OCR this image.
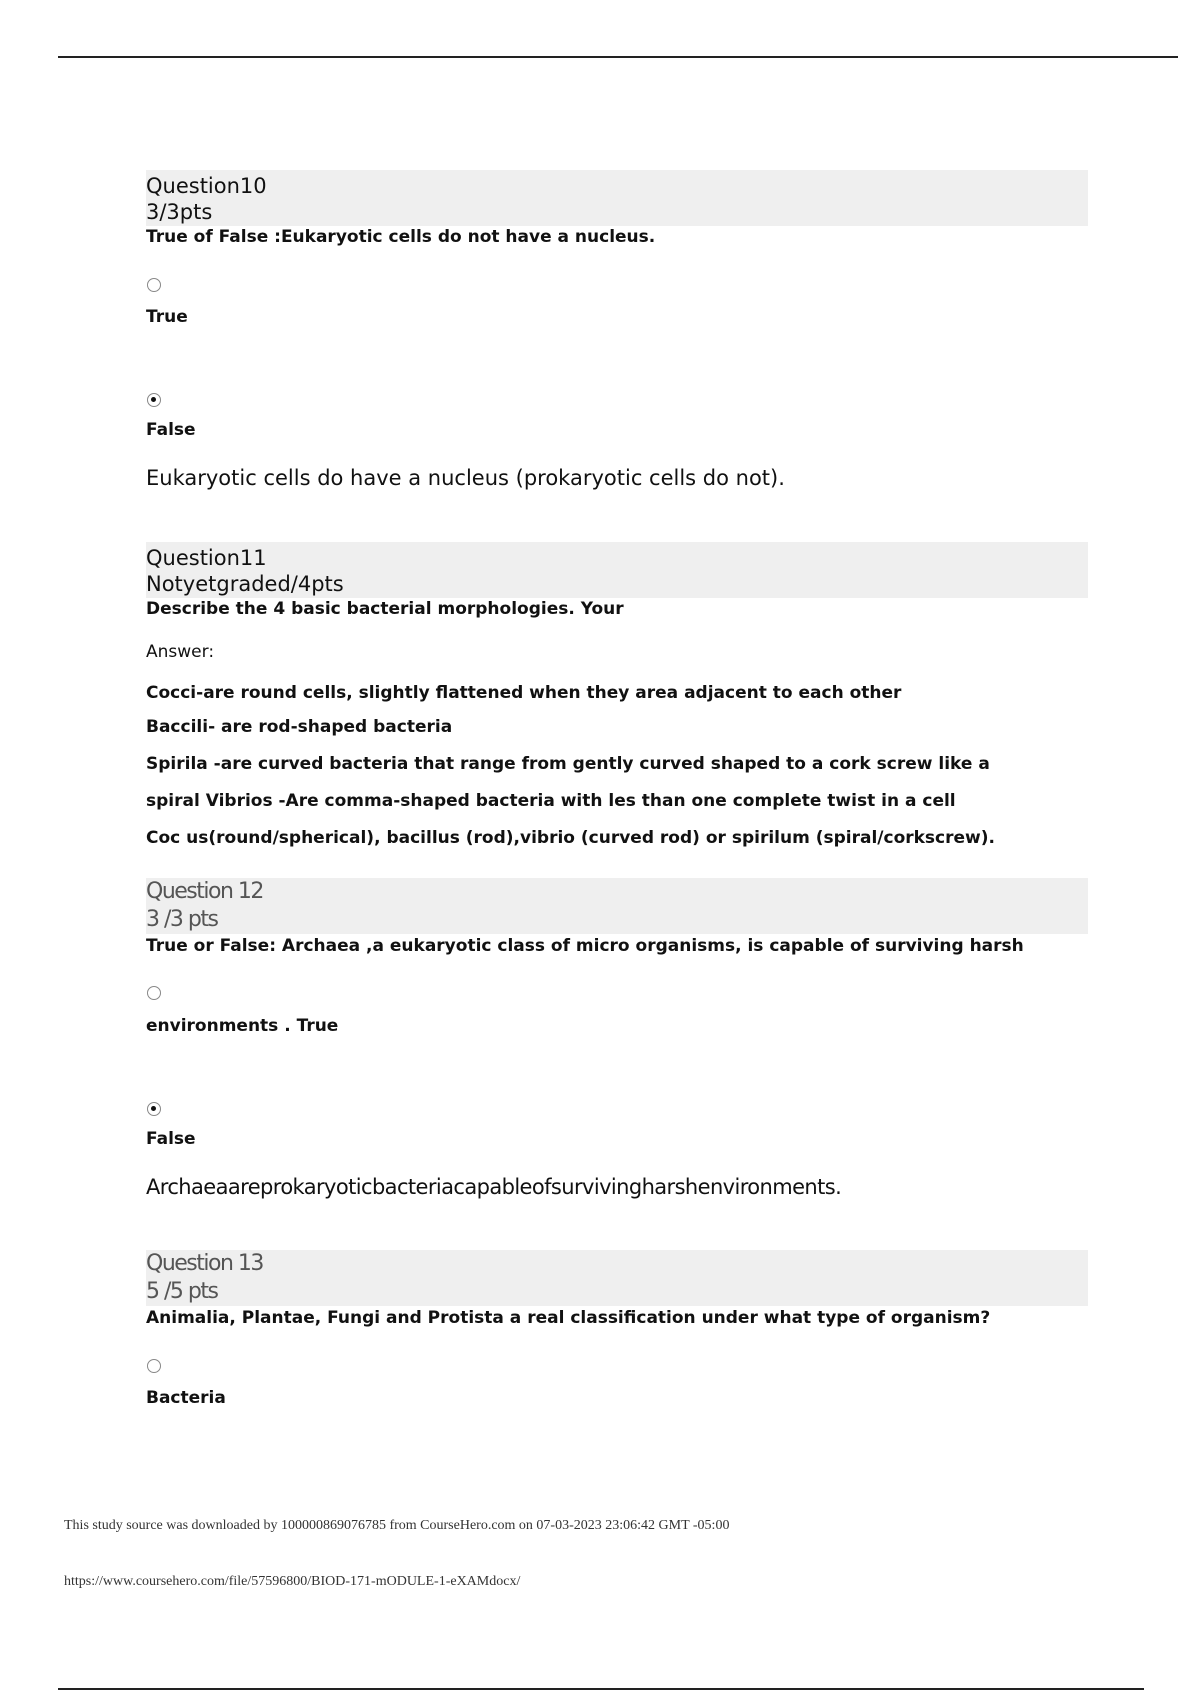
Question10
3/3pts
True of False :Eukaryotic cells do not have a nucleus.
True
False
Eukaryotic cells do have a nucleus (prokaryotic cells do not).
Question11
Notyetgraded/4pts
Describe the 4 basic bacterial morphologies. Your
Answer:
Cocci-are round cells, slightly flattened when they area adjacent to each other
Baccili- are rod-shaped bacteria
Spirila -are curved bacteria that range from gently curved shaped to a cork screw like a
spiral Vibrios -Are comma-shaped bacteria with les than one complete twist in a cell
Coc us(round/spherical), bacillus (rod),vibrio (curved rod) or spirilum (spiral/corkscrew).
Question 12
3 /3 pts
True or False: Archaea ,a eukaryotic class of micro organisms, is capable of surviving harsh
environments . True
False
Archaeaareprokaryoticbacteriacapableofsurvivingharshenvironments.
Question 13
5 /5 pts
Animalia, Plantae, Fungi and Protista a real classification under what type of organism?
Bacteria
This study source was downloaded by 100000869076785 from CourseHero.com on 07-03-2023 23:06:42 GMT -05:00
https://www.coursehero.com/file/57596800/BIOD-171-mODULE-1-eXAMdocx/
